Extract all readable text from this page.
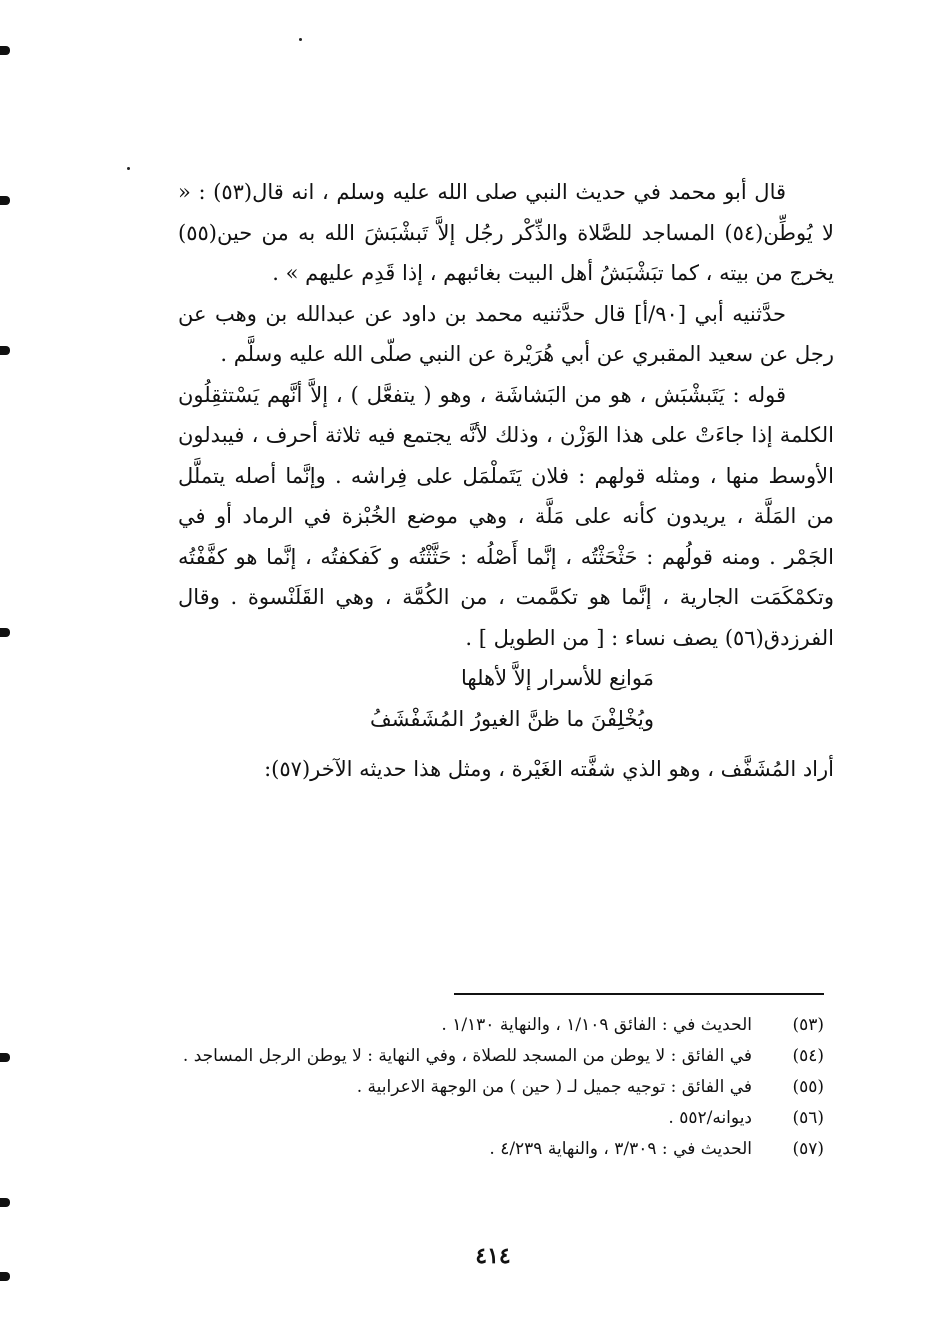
قال أبو محمد في حديث النبي صلى الله عليه وسلم ، انه قال(٥٣) : « لا يُوطِّن(٥٤) المساجد للصَّلاة والذِّكْر رجُل إلاَّ تَبشْبَشَ الله به من حين(٥٥) يخرج من بيته ، كما تبَشْبَشُ أهل البيت بغائبهم ، إذا قَدِم عليهم » .

حدَّثنيه أبي [٩٠/أ] قال حدَّثنيه محمد بن داود عن عبدالله بن وهب عن رجل عن سعيد المقبري عن أبي هُرَيْرة عن النبي صلّى الله عليه وسلَّم .

قوله : يَتَبشْبَش ، هو من البَشاشَة ، وهو ( يتفعَّل ) ، إلاَّ أنَّهم يَسْتثقِلُون الكلمة إذا جاءَتْ على هذا الوَزْن ، وذلك لأنَّه يجتمع فيه ثلاثة أحرف ، فيبدلون الأوسط منها ، ومثله قولهم : فلان يَتَملْمَل على فِراشه . وإنَّما أصله يتملَّل من المَلَّة ، يريدون كأنه على مَلَّة ، وهي موضع الخُبْزة في الرماد أو في الجَمْر . ومنه قولُهم : حَثْحَثْتُه ، إنَّما أَصْلُه : حَثَّثْتُه و كَفكفتُه ، إنَّما هو كفَّفْتُه وتكمْكَمَت الجارية ، إنَّما هو تكمَّمت ، من الكُمَّة ، وهي القَلَنْسوة . وقال الفرزدق(٥٦) يصف نساء : [ من الطويل ] .

مَوانِع للأسرار إلاَّ لأهلها
ويُخْلِفْنَ ما ظنَّ الغيورُ المُشَفْشَفُ

أراد المُشَفَّف ، وهو الذي شفَّته الغَيْرة ، ومثل هذا حديثه الآخر(٥٧):

(٥٣)
الحديث في : الفائق ١/١٠٩ ، والنهاية ١/١٣٠ .
(٥٤)
في الفائق : لا يوطن من المسجد للصلاة ، وفي النهاية : لا يوطن الرجل المساجد .
(٥٥)
في الفائق : توجيه جميل لـ ( حين ) من الوجهة الاعرابية .
(٥٦)
ديوانه/٥٥٢ .
(٥٧)
الحديث في : ٣/٣٠٩ ، والنهاية ٤/٢٣٩ .
٤١٤
